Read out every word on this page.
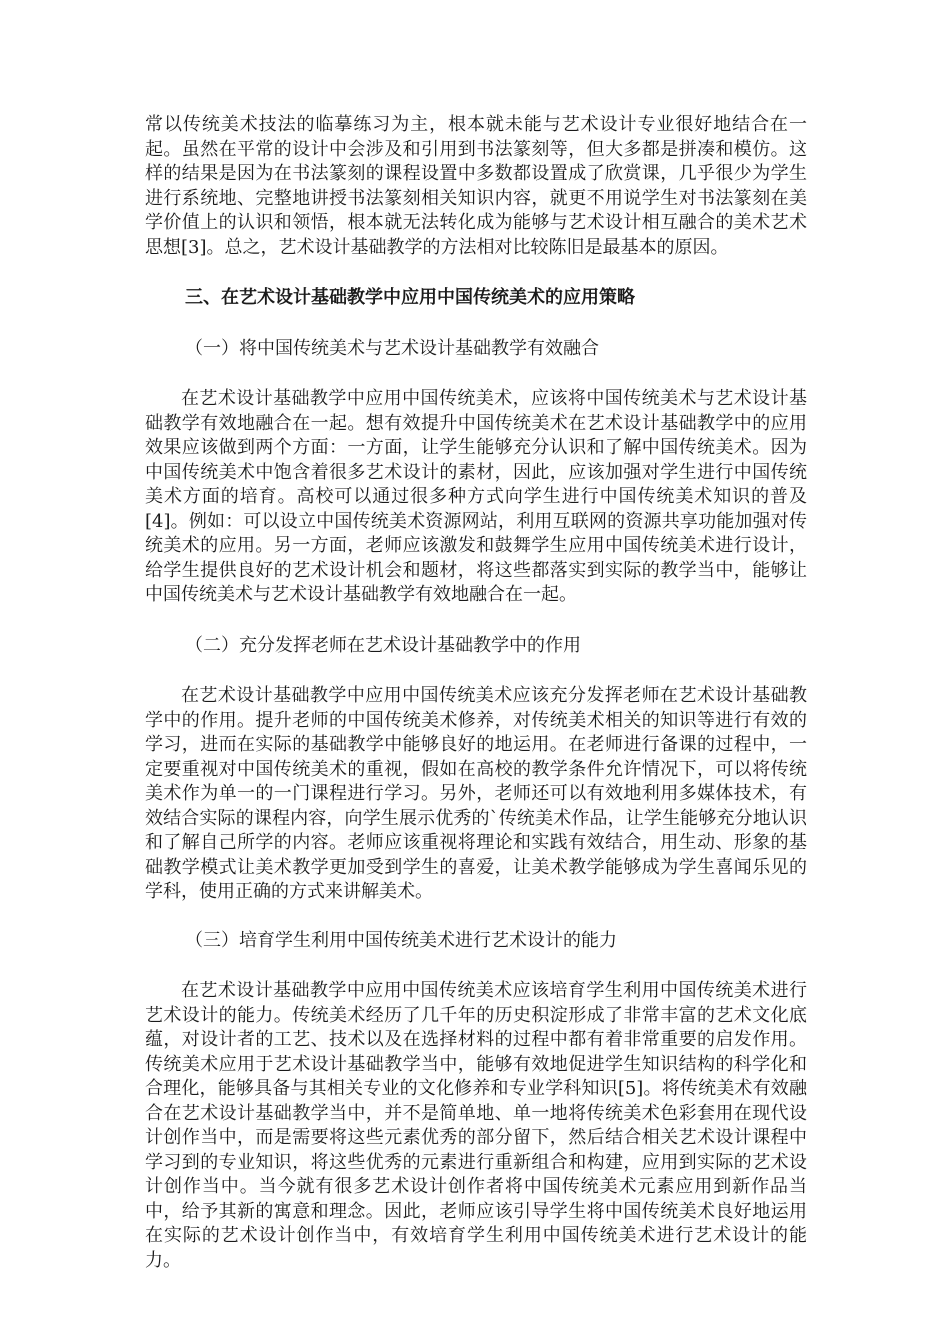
常以传统美术技法的临摹练习为主，根本就未能与艺术设计专业很好地结合在一起。虽然在平常的设计中会涉及和引用到书法篆刻等，但大多都是拼凑和模仿。这样的结果是因为在书法篆刻的课程设置中多数都设置成了欣赏课，几乎很少为学生进行系统地、完整地讲授书法篆刻相关知识内容，就更不用说学生对书法篆刻在美学价值上的认识和领悟，根本就无法转化成为能够与艺术设计相互融合的美术艺术思想[3]。总之，艺术设计基础教学的方法相对比较陈旧是最基本的原因。

三、在艺术设计基础教学中应用中国传统美术的应用策略

（一）将中国传统美术与艺术设计基础教学有效融合

在艺术设计基础教学中应用中国传统美术，应该将中国传统美术与艺术设计基础教学有效地融合在一起。想有效提升中国传统美术在艺术设计基础教学中的应用效果应该做到两个方面：一方面，让学生能够充分认识和了解中国传统美术。因为中国传统美术中饱含着很多艺术设计的素材，因此，应该加强对学生进行中国传统美术方面的培育。高校可以通过很多种方式向学生进行中国传统美术知识的普及[4]。例如：可以设立中国传统美术资源网站，利用互联网的资源共享功能加强对传统美术的应用。另一方面，老师应该激发和鼓舞学生应用中国传统美术进行设计，给学生提供良好的艺术设计机会和题材，将这些都落实到实际的教学当中，能够让中国传统美术与艺术设计基础教学有效地融合在一起。

（二）充分发挥老师在艺术设计基础教学中的作用

在艺术设计基础教学中应用中国传统美术应该充分发挥老师在艺术设计基础教学中的作用。提升老师的中国传统美术修养，对传统美术相关的知识等进行有效的学习，进而在实际的基础教学中能够良好的地运用。在老师进行备课的过程中，一定要重视对中国传统美术的重视，假如在高校的教学条件允许情况下，可以将传统美术作为单一的一门课程进行学习。另外，老师还可以有效地利用多媒体技术，有效结合实际的课程内容，向学生展示优秀的`传统美术作品，让学生能够充分地认识和了解自己所学的内容。老师应该重视将理论和实践有效结合，用生动、形象的基础教学模式让美术教学更加受到学生的喜爱，让美术教学能够成为学生喜闻乐见的学科，使用正确的方式来讲解美术。

（三）培育学生利用中国传统美术进行艺术设计的能力

在艺术设计基础教学中应用中国传统美术应该培育学生利用中国传统美术进行艺术设计的能力。传统美术经历了几千年的历史积淀形成了非常丰富的艺术文化底蕴，对设计者的工艺、技术以及在选择材料的过程中都有着非常重要的启发作用。传统美术应用于艺术设计基础教学当中，能够有效地促进学生知识结构的科学化和合理化，能够具备与其相关专业的文化修养和专业学科知识[5]。将传统美术有效融合在艺术设计基础教学当中，并不是简单地、单一地将传统美术色彩套用在现代设计创作当中，而是需要将这些元素优秀的部分留下，然后结合相关艺术设计课程中学习到的专业知识，将这些优秀的元素进行重新组合和构建，应用到实际的艺术设计创作当中。当今就有很多艺术设计创作者将中国传统美术元素应用到新作品当中，给予其新的寓意和理念。因此，老师应该引导学生将中国传统美术良好地运用在实际的艺术设计创作当中，有效培育学生利用中国传统美术进行艺术设计的能力。
